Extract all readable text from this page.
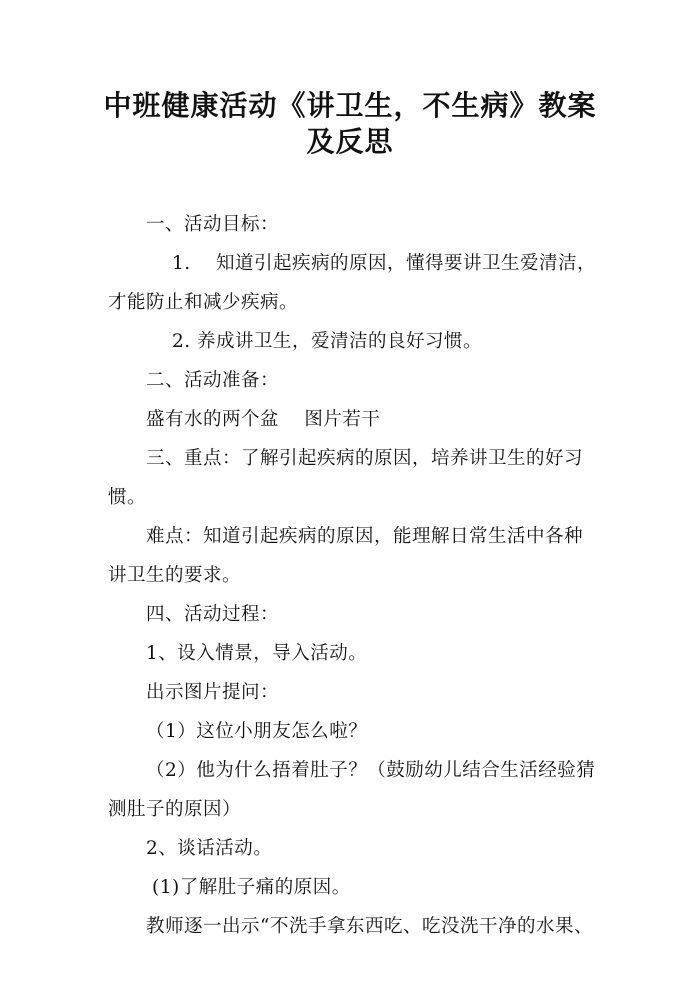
中班健康活动《讲卫生，不生病》教案
及反思
一、活动目标：
1.　 知道引起疾病的原因，懂得要讲卫生爱清洁，
才能防止和减少疾病。
2. 养成讲卫生，爱清洁的良好习惯。
二、活动准备：
盛有水的两个盆　 图片若干
三、重点：了解引起疾病的原因，培养讲卫生的好习
惯。
难点：知道引起疾病的原因，能理解日常生活中各种
讲卫生的要求。
四、活动过程：
1、设入情景，导入活动。
出示图片提问：
（1）这位小朋友怎么啦？
（2）他为什么捂着肚子？（鼓励幼儿结合生活经验猜
测肚子的原因）
2、谈话活动。
(1)了解肚子痛的原因。
教师逐一出示“不洗手拿东西吃、吃没洗干净的水果、
